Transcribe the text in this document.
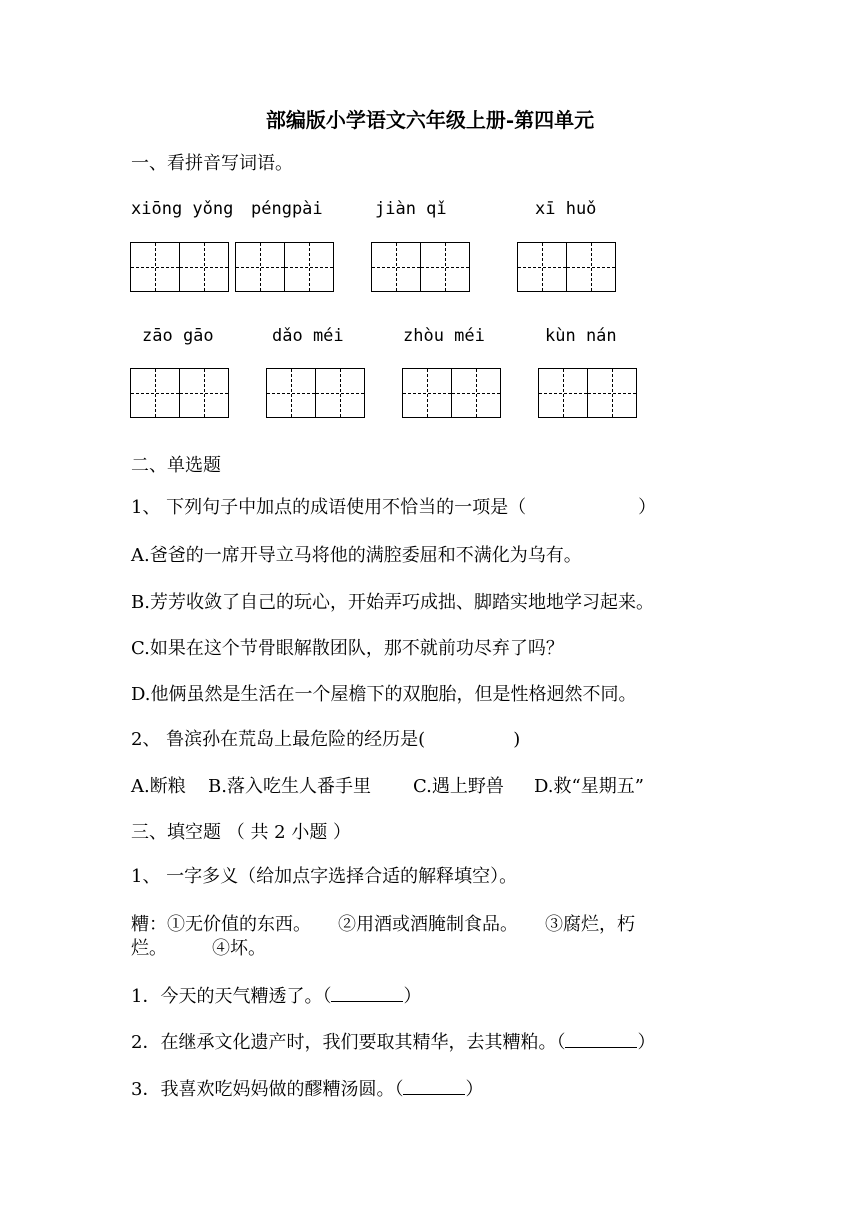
部编版小学语文六年级上册-第四单元
一、看拼音写词语。
xiōng yǒng péngpài	jiàn qǐ	xī huǒ
zāo gāo	dǎo méi	zhòu méi	kùn nán
二、单选题
1、 下列句子中加点的成语使用不恰当的一项是（	）
A.爸爸的一席开导立马将他的满腔委屈和不满化为乌有。
B.芳芳收敛了自己的玩心，开始弄巧成拙、脚踏实地地学习起来。
C.如果在这个节骨眼解散团队，那不就前功尽弃了吗？
D.他俩虽然是生活在一个屋檐下的双胞胎，但是性格迥然不同。
2、 鲁滨孙在荒岛上最危险的经历是(	)
A.断粮 B.落入吃生人番手里 C.遇上野兽 D.救“星期五”
三、填空题 （ 共 2 小题 ）
1、 一字多义（给加点字选择合适的解释填空）。
糟：①无价值的东西。　　②用酒或酒腌制食品。　　③腐烂，朽
烂。　　　④坏。
1．今天的天气糟透了。（	）
2．在继承文化遗产时，我们要取其精华，去其糟粕。（	）
3．我喜欢吃妈妈做的醪糟汤圆。（	）
